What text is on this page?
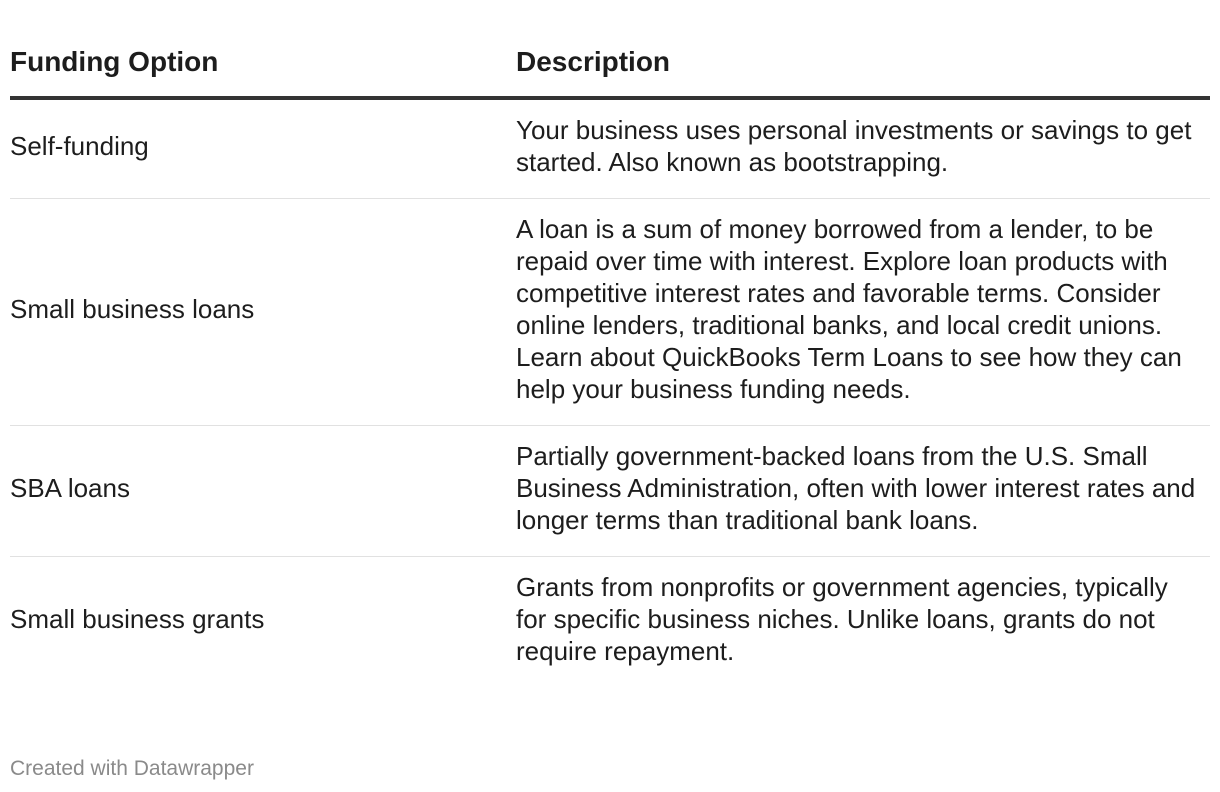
Funding Option	Description
Self-funding	Your business uses personal investments or savings to get started. Also known as bootstrapping.
Small business loans	A loan is a sum of money borrowed from a lender, to be repaid over time with interest. Explore loan products with competitive interest rates and favorable terms. Consider online lenders, traditional banks, and local credit unions. Learn about QuickBooks Term Loans to see how they can help your business funding needs.
SBA loans	Partially government-backed loans from the U.S. Small Business Administration, often with lower interest rates and longer terms than traditional bank loans.
Small business grants	Grants from nonprofits or government agencies, typically for specific business niches. Unlike loans, grants do not require repayment.
Created with Datawrapper
